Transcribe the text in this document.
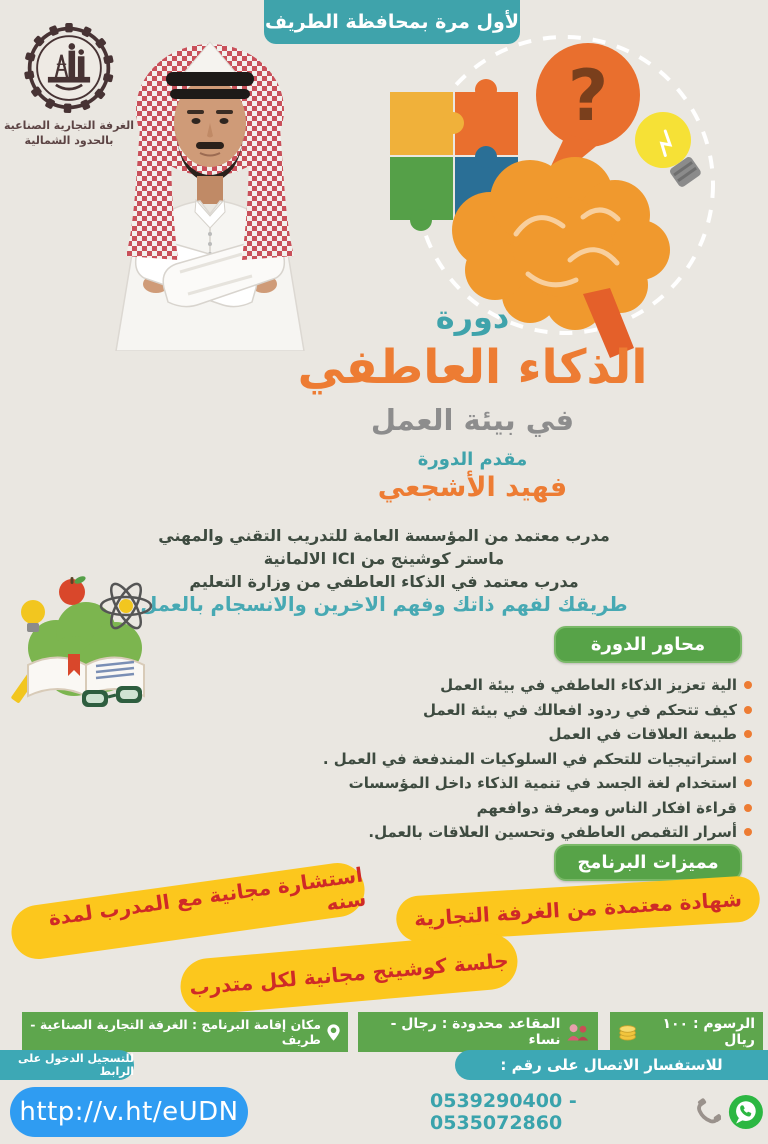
لأول مرة بمحافظة الطريف
الغرفة التجارية الصناعية
بالحدود الشمالية
?
دورة
الذكاء العاطفي
في بيئة العمل
مقدم الدورة
فهيد الأشجعي
مدرب معتمد من المؤسسة العامة للتدريب التقني والمهني
ماستر كوشينج من ICI الالمانية
مدرب معتمد في الذكاء العاطفي من وزارة التعليم
طريقك لفهم ذاتك وفهم الاخرين والانسجام بالعمل
محاور الدورة
الية تعزيز الذكاء العاطفي في بيئة العمل
كيف تتحكم في ردود افعالك في بيئة العمل
طبيعة العلاقات في العمل
استراتيجيات للتحكم في السلوكيات المندفعة في العمل .
استخدام لغة الجسد في تنمية الذكاء داخل المؤسسات
قراءة افكار الناس ومعرفة دوافعهم
أسرار التقمص العاطفي وتحسين العلاقات بالعمل.
مميزات البرنامج
شهادة معتمدة من الغرفة التجارية
استشارة مجانية مع المدرب لمدة سنه
جلسة كوشينج مجانية لكل متدرب
مكان إقامة البرنامج : الغرفة التجارية الصناعية - طريف
المقاعد محدودة : رجال - نساء
الرسوم : ١٠٠ ريال
للتسجيل الدخول على الرابط	للاستفسار الاتصال على رقم :
http://v.ht/eUDN	0539290400 - 0535072860
